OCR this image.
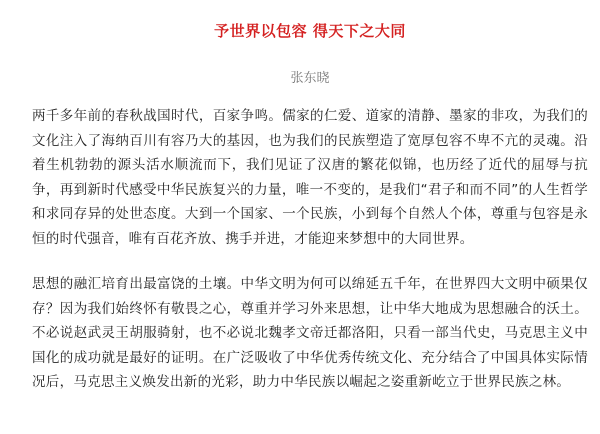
予世界以包容 得天下之大同
张东晓

两千多年前的春秋战国时代，百家争鸣。儒家的仁爱、道家的清静、墨家的非攻，为我们的文化注入了海纳百川有容乃大的基因，也为我们的民族塑造了宽厚包容不卑不亢的灵魂。沿着生机勃勃的源头活水顺流而下，我们见证了汉唐的繁花似锦，也历经了近代的屈辱与抗争，再到新时代感受中华民族复兴的力量，唯一不变的，是我们“君子和而不同”的人生哲学和求同存异的处世态度。大到一个国家、一个民族，小到每个自然人个体，尊重与包容是永恒的时代强音，唯有百花齐放、携手并进，才能迎来梦想中的大同世界。

思想的融汇培育出最富饶的土壤。中华文明为何可以绵延五千年，在世界四大文明中硕果仅存？因为我们始终怀有敬畏之心，尊重并学习外来思想，让中华大地成为思想融合的沃土。不必说赵武灵王胡服骑射，也不必说北魏孝文帝迁都洛阳，只看一部当代史，马克思主义中国化的成功就是最好的证明。在广泛吸收了中华优秀传统文化、充分结合了中国具体实际情况后，马克思主义焕发出新的光彩，助力中华民族以崛起之姿重新屹立于世界民族之林。
